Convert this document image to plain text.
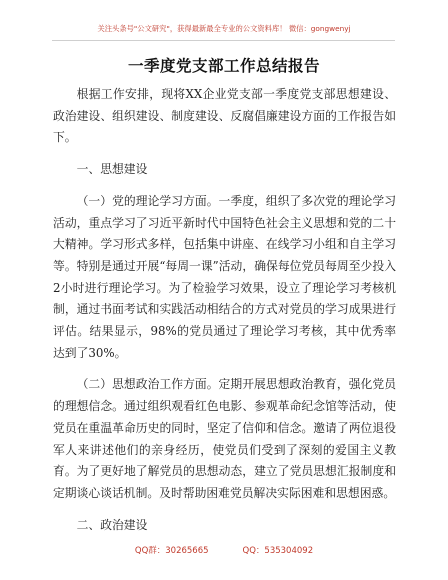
关注头条号"公文研究"，获得最新最全专业的公文资料库！ 微信：gongwenyj
一季度党支部工作总结报告

根据工作安排，现将XX企业党支部一季度党支部思想建设、政治建设、组织建设、制度建设、反腐倡廉建设方面的工作报告如下。

一、思想建设

（一）党的理论学习方面。一季度，组织了多次党的理论学习活动，重点学习了习近平新时代中国特色社会主义思想和党的二十大精神。学习形式多样，包括集中讲座、在线学习小组和自主学习等。特别是通过开展“每周一课”活动，确保每位党员每周至少投入2小时进行理论学习。为了检验学习效果，设立了理论学习考核机制，通过书面考试和实践活动相结合的方式对党员的学习成果进行评估。结果显示，98%的党员通过了理论学习考核，其中优秀率达到了30%。

（二）思想政治工作方面。定期开展思想政治教育，强化党员的理想信念。通过组织观看红色电影、参观革命纪念馆等活动，使党员在重温革命历史的同时，坚定了信仰和信念。邀请了两位退役军人来讲述他们的亲身经历，使党员们受到了深刻的爱国主义教育。为了更好地了解党员的思想动态，建立了党员思想汇报制度和定期谈心谈话机制。及时帮助困难党员解决实际困难和思想困惑。

二、政治建设

QQ群：30265665	QQ：535304092
